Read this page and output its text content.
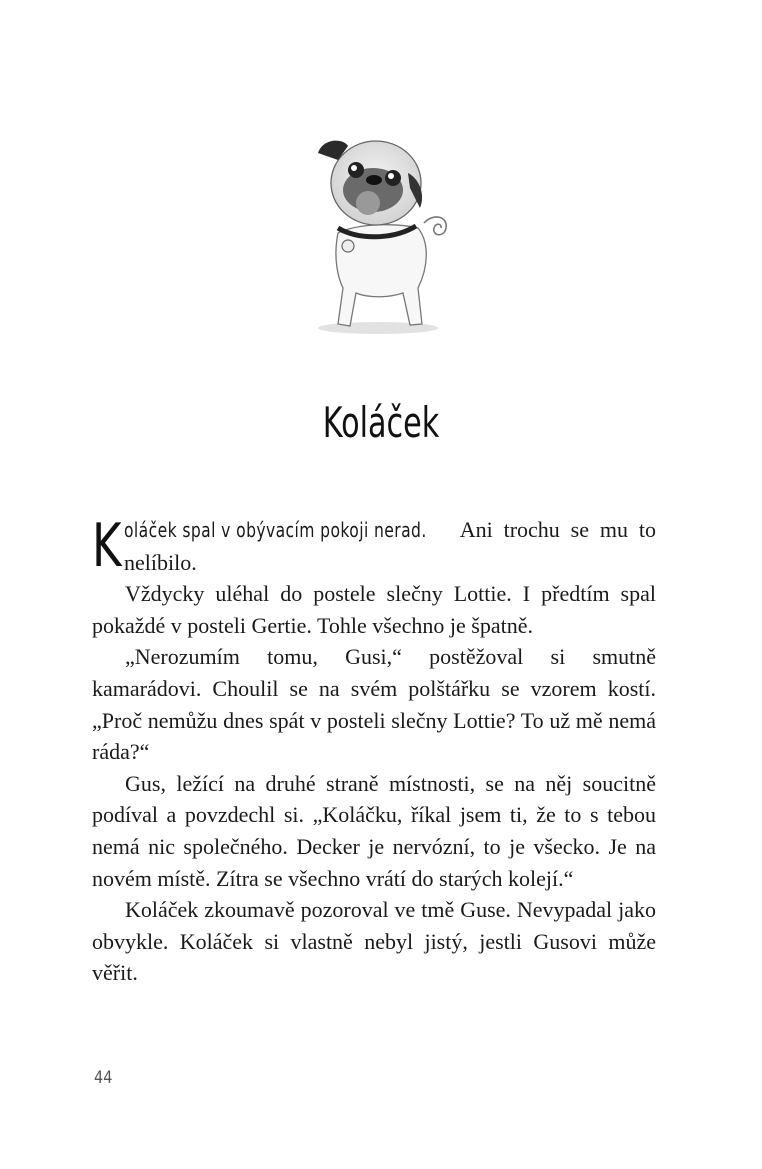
Koláček

K oláček spal v obývacím pokoji nerad. Ani trochu se mu to nelíbilo.

Vždycky uléhal do postele slečny Lottie. I předtím spal pokaždé v posteli Gertie. Tohle všechno je špatně.

„Nerozumím tomu, Gusi,“ postěžoval si smutně kamarádovi. Choulil se na svém polštářku se vzorem kostí. „Proč nemůžu dnes spát v posteli slečny Lottie? To už mě nemá ráda?“

Gus, ležící na druhé straně místnosti, se na něj soucitně podíval a povzdechl si. „Koláčku, říkal jsem ti, že to s tebou nemá nic společného. Decker je nervózní, to je všecko. Je na novém místě. Zítra se všechno vrátí do starých kolejí.“

Koláček zkoumavě pozoroval ve tmě Guse. Nevypadal jako obvykle. Koláček si vlastně nebyl jistý, jestli Gusovi může věřit.

44
